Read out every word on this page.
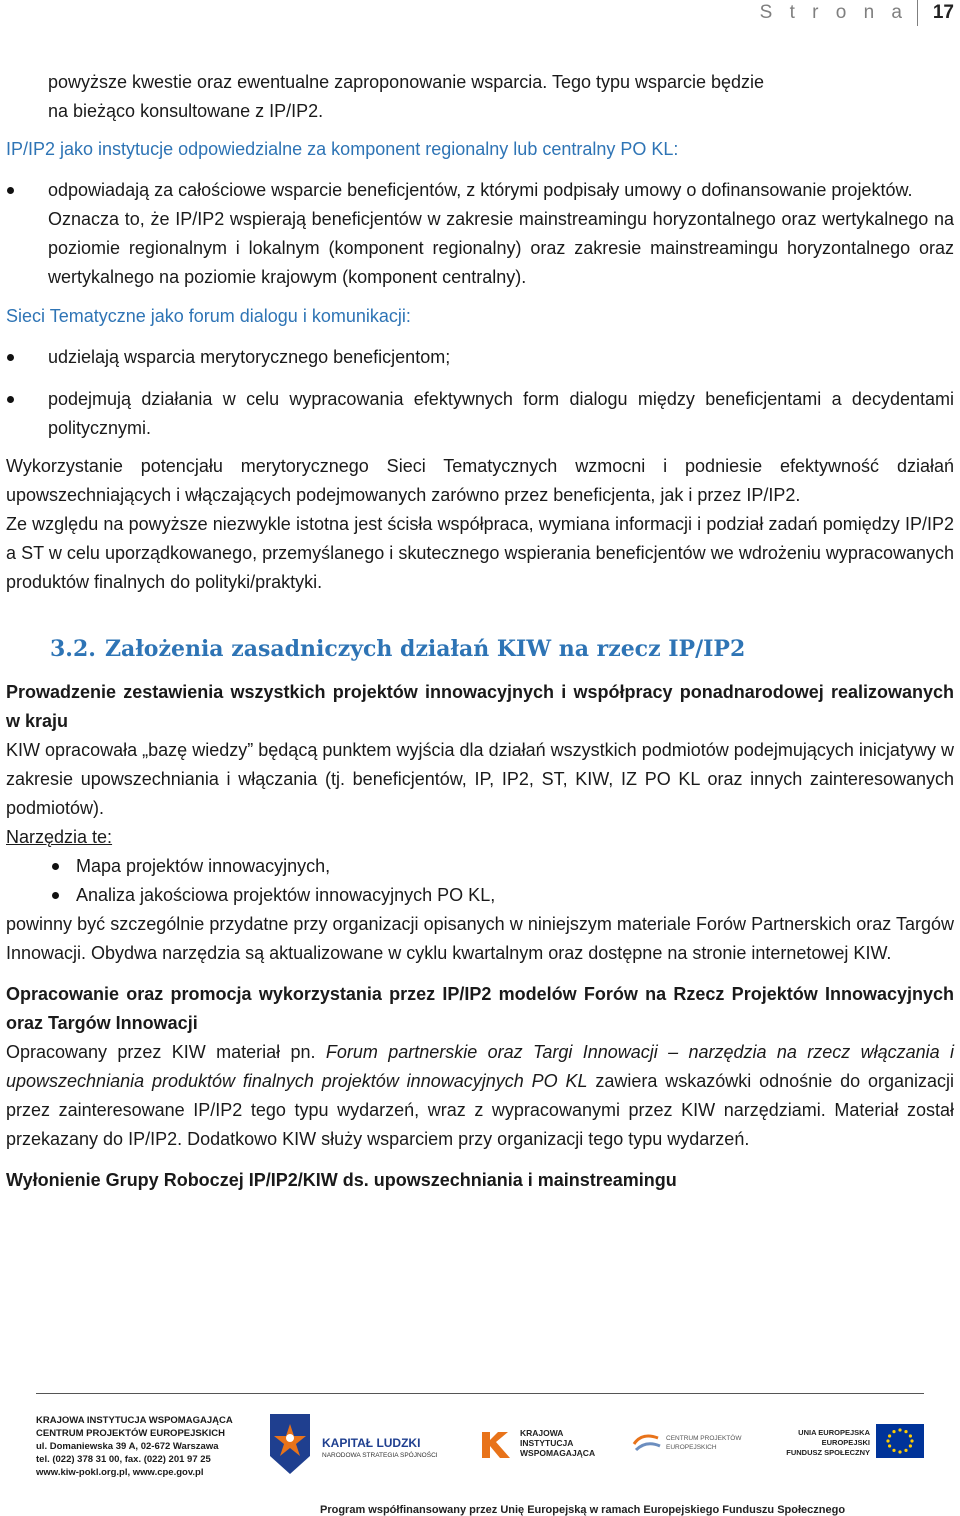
S t r o n a 17

powyższe kwestie oraz ewentualne zaproponowanie wsparcia. Tego typu wsparcie będzie

na bieżąco konsultowane z IP/IP2.

IP/IP2 jako instytucje odpowiedzialne za komponent regionalny lub centralny PO KL:

odpowiadają za całościowe wsparcie beneficjentów, z którymi podpisały umowy o dofinansowanie projektów.

Oznacza to, że IP/IP2 wspierają beneficjentów w zakresie mainstreamingu horyzontalnego oraz wertykalnego na poziomie regionalnym i lokalnym (komponent regionalny) oraz zakresie mainstreamingu horyzontalnego oraz wertykalnego na poziomie krajowym (komponent centralny).

Sieci Tematyczne jako forum dialogu i komunikacji:

udzielają wsparcia merytorycznego beneficjentom;

podejmują działania w celu wypracowania efektywnych form dialogu między beneficjentami a decydentami politycznymi.

Wykorzystanie potencjału merytorycznego Sieci Tematycznych wzmocni i podniesie efektywność działań upowszechniających i włączających podejmowanych zarówno przez beneficjenta, jak i przez IP/IP2.

Ze względu na powyższe niezwykle istotna jest ścisła współpraca, wymiana informacji i podział zadań pomiędzy IP/IP2 a ST w celu uporządkowanego, przemyślanego i skutecznego wspierania beneficjentów we wdrożeniu wypracowanych produktów finalnych do polityki/praktyki.

3.2. Założenia zasadniczych działań KIW na rzecz IP/IP2

Prowadzenie zestawienia wszystkich projektów innowacyjnych i współpracy ponadnarodowej realizowanych w kraju

KIW opracowała „bazę wiedzy” będącą punktem wyjścia dla działań wszystkich podmiotów podejmujących inicjatywy w zakresie upowszechniania i włączania (tj. beneficjentów, IP, IP2, ST, KIW, IZ PO KL oraz innych zainteresowanych podmiotów).

Narzędzia te:

Mapa projektów innowacyjnych,

Analiza jakościowa projektów innowacyjnych PO KL,

powinny być szczególnie przydatne przy organizacji opisanych w niniejszym materiale Forów Partnerskich oraz Targów Innowacji. Obydwa narzędzia są aktualizowane w cyklu kwartalnym oraz dostępne na stronie internetowej KIW.

Opracowanie oraz promocja wykorzystania przez IP/IP2 modelów Forów na Rzecz Projektów Innowacyjnych oraz Targów Innowacji

Opracowany przez KIW materiał pn. Forum partnerskie oraz Targi Innowacji – narzędzia na rzecz włączania i upowszechniania produktów finalnych projektów innowacyjnych PO KL zawiera wskazówki odnośnie do organizacji przez zainteresowane IP/IP2 tego typu wydarzeń, wraz z wypracowanymi przez KIW narzędziami. Materiał został przekazany do IP/IP2. Dodatkowo KIW służy wsparciem przy organizacji tego typu wydarzeń.

Wyłonienie Grupy Roboczej IP/IP2/KIW ds. upowszechniania i mainstreamingu

KRAJOWA INSTYTUCJA WSPOMAGAJĄCA
CENTRUM PROJEKTÓW EUROPEJSKICH
ul. Domaniewska 39 A, 02-672 Warszawa
tel. (022) 378 31 00, fax. (022) 201 97 25
www.kiw-pokl.org.pl, www.cpe.gov.pl
KAPITAŁ LUDZKI
NARODOWA STRATEGIA SPÓJNOŚCI
KRAJOWA
INSTYTUCJA
WSPOMAGAJĄCA
CENTRUM PROJEKTÓW
EUROPEJSKICH
UNIA EUROPEJSKA
EUROPEJSKI
FUNDUSZ SPOŁECZNY
Program współfinansowany przez Unię Europejską w ramach Europejskiego Funduszu Społecznego
